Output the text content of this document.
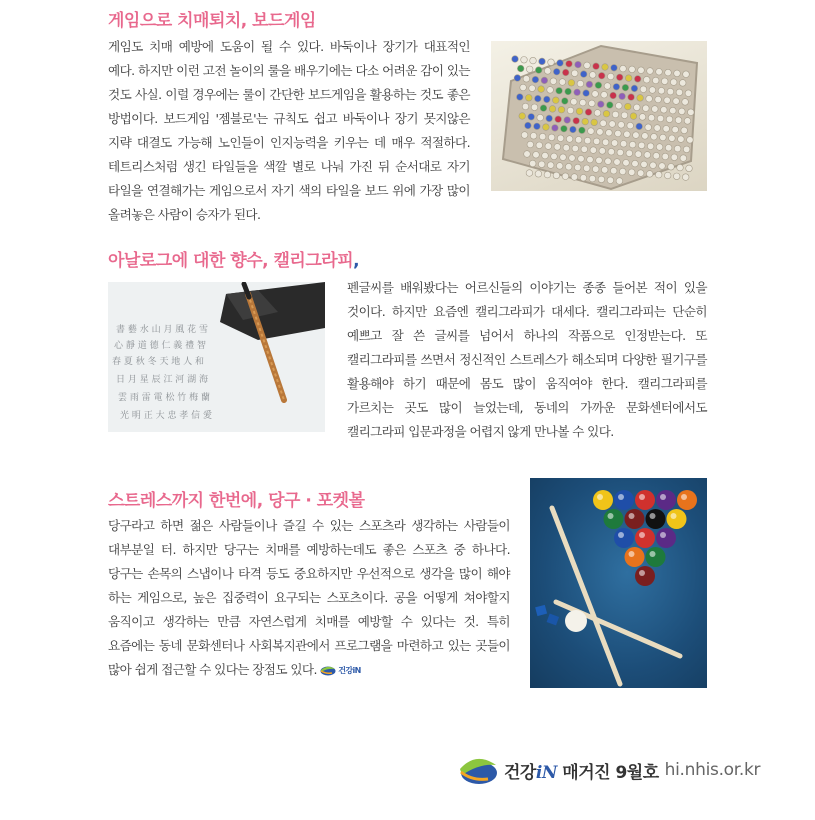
게임으로 치매퇴치, 보드게임

게임도 치매 예방에 도움이 될 수 있다. 바둑이나 장기가 대표적인 예다. 하지만 이런 고전 놀이의 룰을 배우기에는 다소 어려운 감이 있는 것도 사실. 이럴 경우에는 룰이 간단한 보드게임을 활용하는 것도 좋은 방법이다. 보드게임 '젬블로'는 규칙도 쉽고 바둑이나 장기 못지않은 지략 대결도 가능해 노인들이 인지능력을 키우는 데 매우 적절하다. 테트리스처럼 생긴 타일들을 색깔 별로 나눠 가진 뒤 순서대로 자기 타일을 연결해가는 게임으로서 자기 색의 타일을 보드 위에 가장 많이 올려놓은 사람이 승자가 된다.

아날로그에 대한 향수, 캘리그라피,
書 藝 水 山 月 風 花 雪
心 靜 道 德 仁 義 禮 智
春 夏 秋 冬 天 地 人 和
日 月 星 辰 江 河 湖 海
雲 雨 雷 電 松 竹 梅 蘭
光 明 正 大 忠 孝 信 愛

펜글씨를 배워봤다는 어르신들의 이야기는 종종 들어본 적이 있을 것이다. 하지만 요즘엔 캘리그라피가 대세다. 캘리그라피는 단순히 예쁘고 잘 쓴 글씨를 넘어서 하나의 작품으로 인정받는다. 또 캘리그라피를 쓰면서 정신적인 스트레스가 해소되며 다양한 필기구를 활용해야 하기 때문에 몸도 많이 움직여야 한다. 캘리그라피를 가르치는 곳도 많이 늘었는데, 동네의 가까운 문화센터에서도 캘리그라피 입문과정을 어렵지 않게 만나볼 수 있다.

스트레스까지 한번에, 당구 · 포켓볼

당구라고 하면 젊은 사람들이나 즐길 수 있는 스포츠라 생각하는 사람들이 대부분일 터. 하지만 당구는 치매를 예방하는데도 좋은 스포츠 중 하나다. 당구는 손목의 스냅이나 타격 등도 중요하지만 우선적으로 생각을 많이 해야 하는 게임으로, 높은 집중력이 요구되는 스포츠이다. 공을 어떻게 쳐야할지 움직이고 생각하는 만큼 자연스럽게 치매를 예방할 수 있다는 것. 특히 요즘에는 동네 문화센터나 사회복지관에서 프로그램을 마련하고 있는 곳들이 많아 쉽게 접근할 수 있다는 장점도 있다.	건강iN

건강iN 매거진 9월호 hi.nhis.or.kr
